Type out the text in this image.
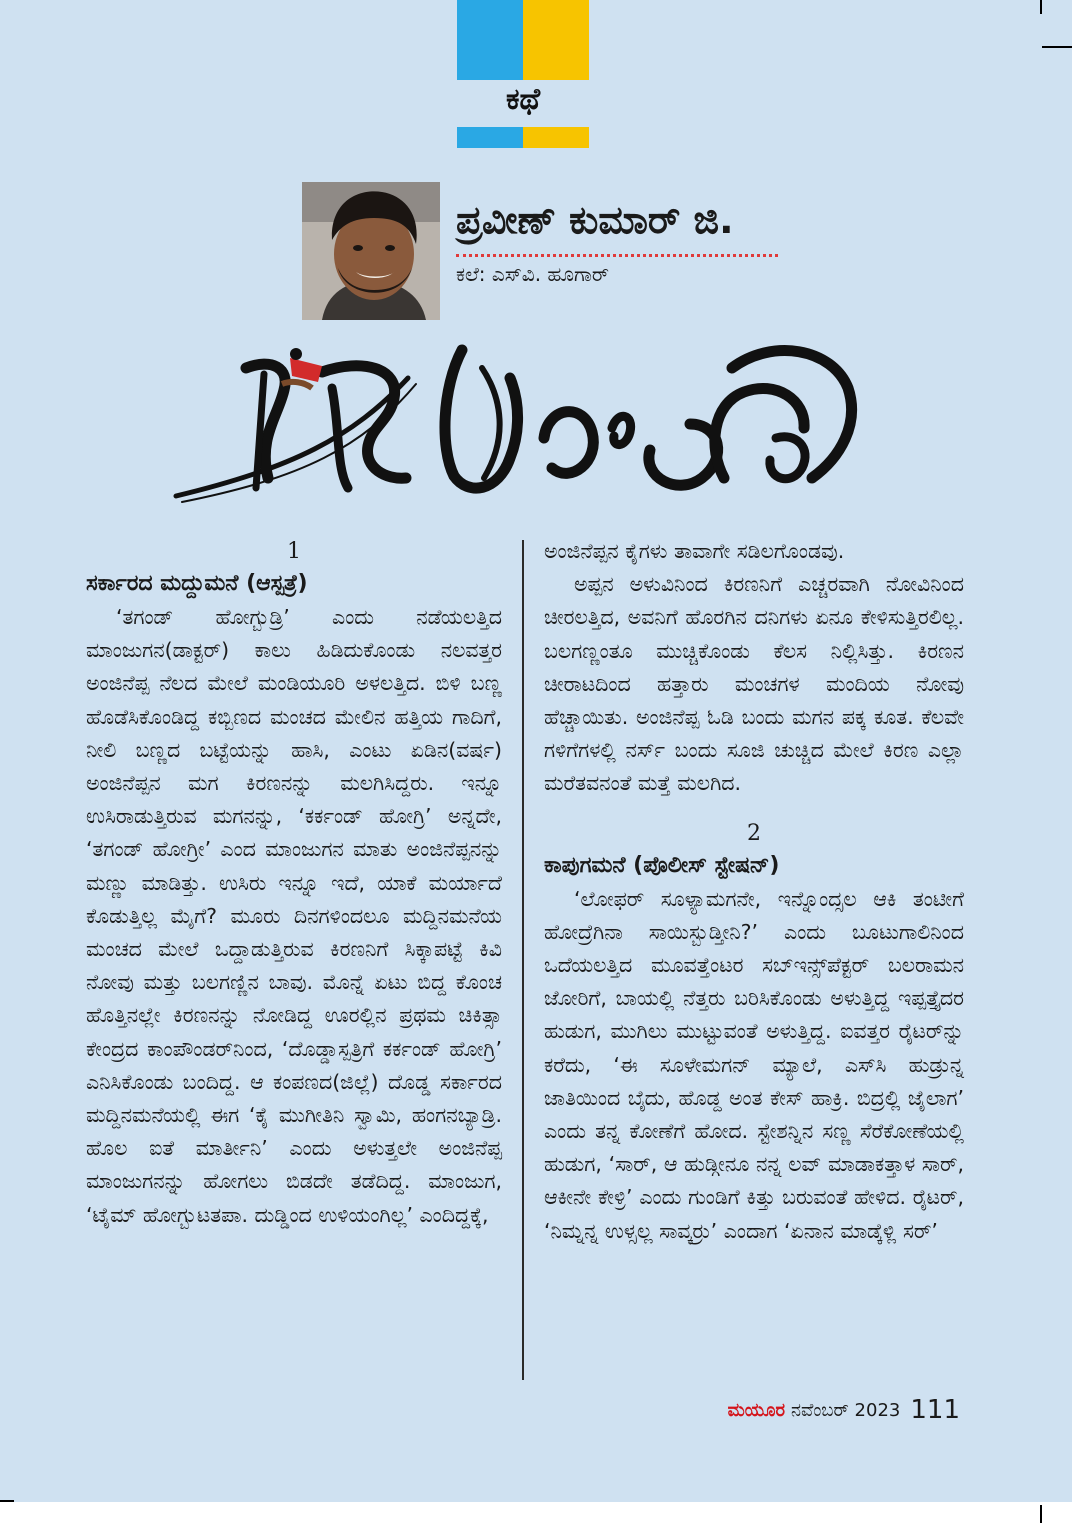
ಕಥೆ
ಪ್ರವೀಣ್ ಕುಮಾರ್ ಜಿ.
ಕಲೆ: ಎಸ್‌ವಿ. ಹೂಗಾರ್
1

ಸರ್ಕಾರದ ಮದ್ದುಮನೆ (ಆಸ್ಪತ್ರೆ)

‘ತಗಂಡ್ ಹೋಗ್ಬುಡ್ರಿ’ ಎಂದು ನಡೆಯಲತ್ತಿದ ಮಾಂಜುಗನ(ಡಾಕ್ಟರ್) ಕಾಲು ಹಿಡಿದುಕೊಂಡು ನಲವತ್ತರ ಅಂಜಿನೆಪ್ಪ ನೆಲದ ಮೇಲೆ ಮಂಡಿಯೂರಿ ಅಳಲತ್ತಿದ. ಬಿಳಿ ಬಣ್ಣ ಹೊಡೆಸಿಕೊಂಡಿದ್ದ ಕಬ್ಬಿಣದ ಮಂಚದ ಮೇಲಿನ ಹತ್ತಿಯ ಗಾದಿಗೆ, ನೀಲಿ ಬಣ್ಣದ ಬಟ್ಟೆಯನ್ನು ಹಾಸಿ, ಎಂಟು ಏಡಿನ(ವರ್ಷ) ಅಂಜಿನೆಪ್ಪನ ಮಗ ಕಿರಣನನ್ನು ಮಲಗಿಸಿದ್ದರು. ಇನ್ನೂ ಉಸಿರಾಡುತ್ತಿರುವ ಮಗನನ್ನು, ‘ಕರ್ಕಂಡ್ ಹೋಗ್ರಿ’ ಅನ್ನದೇ, ‘ತಗಂಡ್ ಹೋಗ್ರೀ’ ಎಂದ ಮಾಂಜುಗನ ಮಾತು ಅಂಜಿನೆಪ್ಪನನ್ನು ಮಣ್ಣು ಮಾಡಿತ್ತು. ಉಸಿರು ಇನ್ನೂ ಇದೆ, ಯಾಕೆ ಮರ್ಯಾದೆ ಕೊಡುತ್ತಿಲ್ಲ ಮೈಗೆ? ಮೂರು ದಿನಗಳಿಂದಲೂ ಮದ್ದಿನಮನೆಯ ಮಂಚದ ಮೇಲೆ ಒದ್ದಾಡುತ್ತಿರುವ ಕಿರಣನಿಗೆ ಸಿಕ್ಕಾಪಟ್ಟೆ ಕಿವಿ ನೋವು ಮತ್ತು ಬಲಗಣ್ಣಿನ ಬಾವು. ಮೊನ್ನೆ ಏಟು ಬಿದ್ದ ಕೊಂಚ ಹೊತ್ತಿನಲ್ಲೇ ಕಿರಣನನ್ನು ನೋಡಿದ್ದ ಊರಲ್ಲಿನ ಪ್ರಥಮ ಚಿಕಿತ್ಸಾ ಕೇಂದ್ರದ ಕಾಂಪೌಂಡರ್‌ನಿಂದ, ‘ದೊಡ್ಡಾಸ್ಪತ್ರಿಗೆ ಕರ್ಕಂಡ್ ಹೋಗ್ರಿ’ ಎನಿಸಿಕೊಂಡು ಬಂದಿದ್ದ. ಆ ಕಂಪಣದ(ಜಿಲ್ಲೆ) ದೊಡ್ಡ ಸರ್ಕಾರದ ಮದ್ದಿನಮನೆಯಲ್ಲಿ ಈಗ ‘ಕೈ ಮುಗೀತಿನಿ ಸ್ವಾಮಿ, ಹಂಗನಬ್ಯಾಡ್ರಿ. ಹೊಲ ಐತೆ ಮಾರ್ತೀನಿ’ ಎಂದು ಅಳುತ್ತಲೇ ಅಂಜಿನೆಪ್ಪ ಮಾಂಜುಗನನ್ನು ಹೋಗಲು ಬಿಡದೇ ತಡೆದಿದ್ದ. ಮಾಂಜುಗ, ‘ಟೈಮ್ ಹೋಗ್ಬುಟತಪಾ. ದುಡ್ಡಿಂದ ಉಳಿಯಂಗಿಲ್ಲ’ ಎಂದಿದ್ದಕ್ಕೆ,

ಅಂಜಿನೆಪ್ಪನ ಕೈಗಳು ತಾವಾಗೇ ಸಡಿಲಗೊಂಡವು.

ಅಪ್ಪನ ಅಳುವಿನಿಂದ ಕಿರಣನಿಗೆ ಎಚ್ಚರವಾಗಿ ನೋವಿನಿಂದ ಚೀರಲತ್ತಿದ, ಅವನಿಗೆ ಹೊರಗಿನ ದನಿಗಳು ಏನೂ ಕೇಳಿಸುತ್ತಿರಲಿಲ್ಲ. ಬಲಗಣ್ಣಂತೂ ಮುಚ್ಚಿಕೊಂಡು ಕೆಲಸ ನಿಲ್ಲಿಸಿತ್ತು. ಕಿರಣನ ಚೀರಾಟದಿಂದ ಹತ್ತಾರು ಮಂಚಗಳ ಮಂದಿಯ ನೋವು ಹೆಚ್ಚಾಯಿತು. ಅಂಜಿನೆಪ್ಪ ಓಡಿ ಬಂದು ಮಗನ ಪಕ್ಕ ಕೂತ. ಕೆಲವೇ ಗಳಿಗೆಗಳಲ್ಲಿ ನರ್ಸ್ ಬಂದು ಸೂಜಿ ಚುಚ್ಚಿದ ಮೇಲೆ ಕಿರಣ ಎಲ್ಲಾ ಮರೆತವನಂತೆ ಮತ್ತೆ ಮಲಗಿದ.

2

ಕಾಪುಗಮನೆ (ಪೊಲೀಸ್ ಸ್ಟೇಷನ್)

‘ಲೋಫರ್ ಸೂಳ್ಯಾಮಗನೇ, ಇನ್ನೊಂದ್ಸಲ ಆಕಿ ತಂಟೀಗೆ ಹೋದ್ರೆಗಿನಾ ಸಾಯಿಸ್ಬುಡ್ತೀನಿ?’ ಎಂದು ಬೂಟುಗಾಲಿನಿಂದ ಒದೆಯಲತ್ತಿದ ಮೂವತ್ತೆಂಟರ ಸಬ್‌ಇನ್ಸ್‌ಪೆಕ್ಟರ್ ಬಲರಾಮನ ಜೋರಿಗೆ, ಬಾಯಲ್ಲಿ ನೆತ್ತರು ಬರಿಸಿಕೊಂಡು ಅಳುತ್ತಿದ್ದ ಇಪ್ಪತ್ತೈದರ ಹುಡುಗ, ಮುಗಿಲು ಮುಟ್ಟುವಂತೆ ಅಳುತ್ತಿದ್ದ. ಐವತ್ತರ ರೈಟರ್‌ನ್ನು ಕರೆದು, ‘ಈ ಸೂಳೇಮಗನ್ ಮ್ಯಾಲೆ, ಎಸ್‌ಸಿ ಹುಡ್ರುನ್ನ ಜಾತಿಯಿಂದ ಬೈದು, ಹೊಡ್ದ ಅಂತ ಕೇಸ್ ಹಾಕ್ರಿ. ಬಿದ್ರಲ್ಲಿ ಜೈಲಾಗ’ ಎಂದು ತನ್ನ ಕೋಣೆಗೆ ಹೋದ. ಸ್ಟೇಶನ್ನಿನ ಸಣ್ಣ ಸೆರೆಕೋಣೆಯಲ್ಲಿ ಹುಡುಗ, ‘ಸಾರ್, ಆ ಹುಡ್ಗೀನೂ ನನ್ನ ಲವ್ ಮಾಡಾಕತ್ತಾಳ ಸಾರ್, ಆಕೀನೇ ಕೇಳ್ರಿ’ ಎಂದು ಗುಂಡಿಗೆ ಕಿತ್ತು ಬರುವಂತೆ ಹೇಳಿದ. ರೈಟರ್, ‘ನಿಮ್ನನ್ನ ಉಳ್ಸಲ್ಲ ಸಾವ್ಕರ‍್ರು’ ಎಂದಾಗ ‘ಏನಾನ ಮಾಡ್ಕೆಳ್ಲಿ ಸರ್’

ಮಯೂರ ನವೆಂಬರ್ 2023 111
